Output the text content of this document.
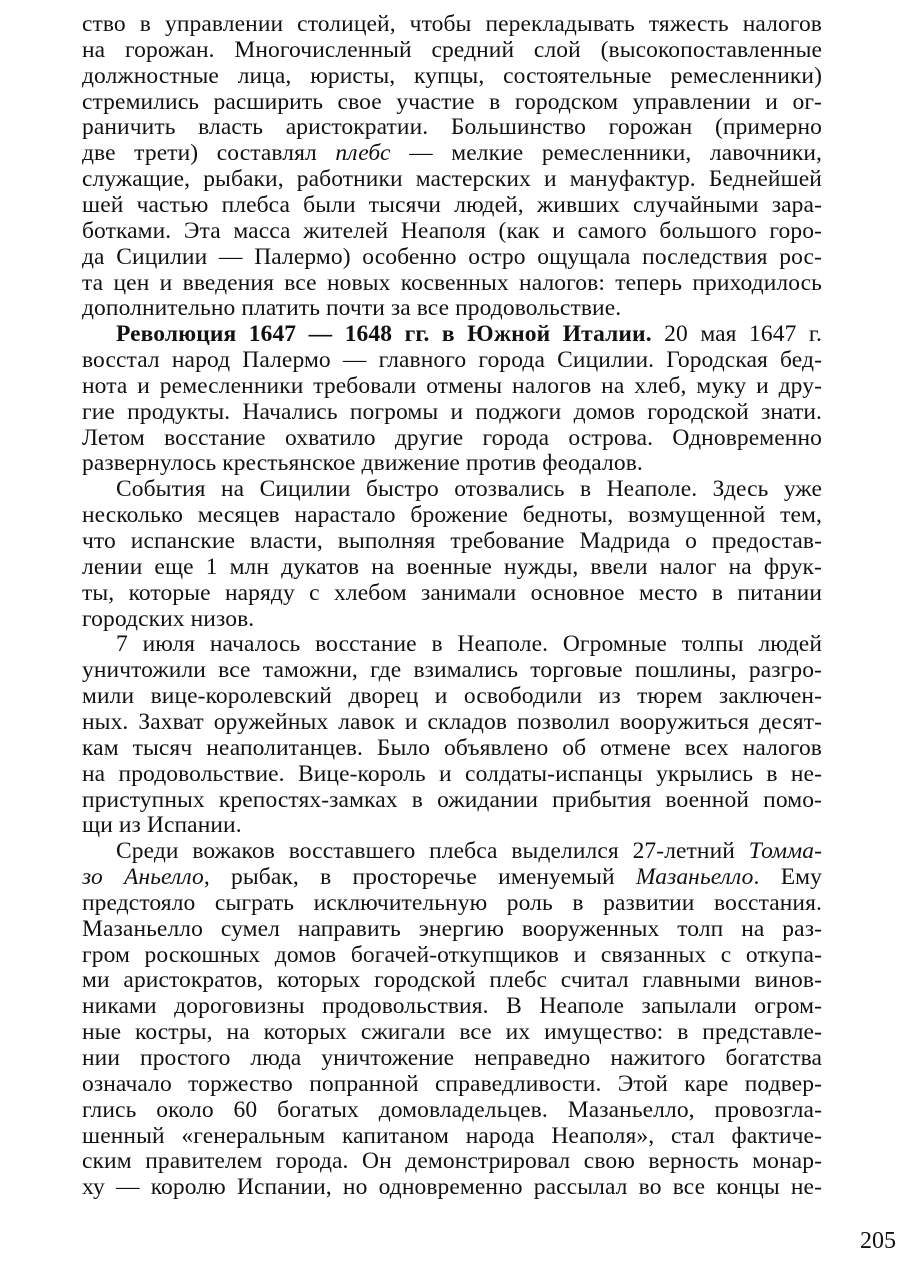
ство в управлении столицей, чтобы перекладывать тяжесть налогов
на горожан. Многочисленный средний слой (высокопоставленные
должностные лица, юристы, купцы, состоятельные ремесленники)
стремились расширить свое участие в городском управлении и ог-
раничить власть аристократии. Большинство горожан (примерно
две трети) составлял плебс — мелкие ремесленники, лавочники,
служащие, рыбаки, работники мастерских и мануфактур. Беднейшей
шей частью плебса были тысячи людей, живших случайными зара-
ботками. Эта масса жителей Неаполя (как и самого большого горо-
да Сицилии — Палермо) особенно остро ощущала последствия рос-
та цен и введения все новых косвенных налогов: теперь приходилось
дополнительно платить почти за все продовольствие.
Революция 1647 — 1648 гг. в Южной Италии. 20 мая 1647 г.
восстал народ Палермо — главного города Сицилии. Городская бед-
нота и ремесленники требовали отмены налогов на хлеб, муку и дру-
гие продукты. Начались погромы и поджоги домов городской знати.
Летом восстание охватило другие города острова. Одновременно
развернулось крестьянское движение против феодалов.
События на Сицилии быстро отозвались в Неаполе. Здесь уже
несколько месяцев нарастало брожение бедноты, возмущенной тем,
что испанские власти, выполняя требование Мадрида о предостав-
лении еще 1 млн дукатов на военные нужды, ввели налог на фрук-
ты, которые наряду с хлебом занимали основное место в питании
городских низов.
7 июля началось восстание в Неаполе. Огромные толпы людей
уничтожили все таможни, где взимались торговые пошлины, разгро-
мили вице-королевский дворец и освободили из тюрем заключен-
ных. Захват оружейных лавок и складов позволил вооружиться десят-
кам тысяч неаполитанцев. Было объявлено об отмене всех налогов
на продовольствие. Вице-король и солдаты-испанцы укрылись в не-
приступных крепостях-замках в ожидании прибытия военной помо-
щи из Испании.
Среди вожаков восставшего плебса выделился 27-летний Томма-
зо Аньелло, рыбак, в просторечье именуемый Мазаньелло. Ему
предстояло сыграть исключительную роль в развитии восстания.
Мазаньелло сумел направить энергию вооруженных толп на раз-
гром роскошных домов богачей-откупщиков и связанных с откупа-
ми аристократов, которых городской плебс считал главными винов-
никами дороговизны продовольствия. В Неаполе запылали огром-
ные костры, на которых сжигали все их имущество: в представле-
нии простого люда уничтожение неправедно нажитого богатства
означало торжество попранной справедливости. Этой каре подвер-
глись около 60 богатых домовладельцев. Мазаньелло, провозгла-
шенный «генеральным капитаном народа Неаполя», стал фактиче-
ским правителем города. Он демонстрировал свою верность монар-
ху — королю Испании, но одновременно рассылал во все концы не-
205
